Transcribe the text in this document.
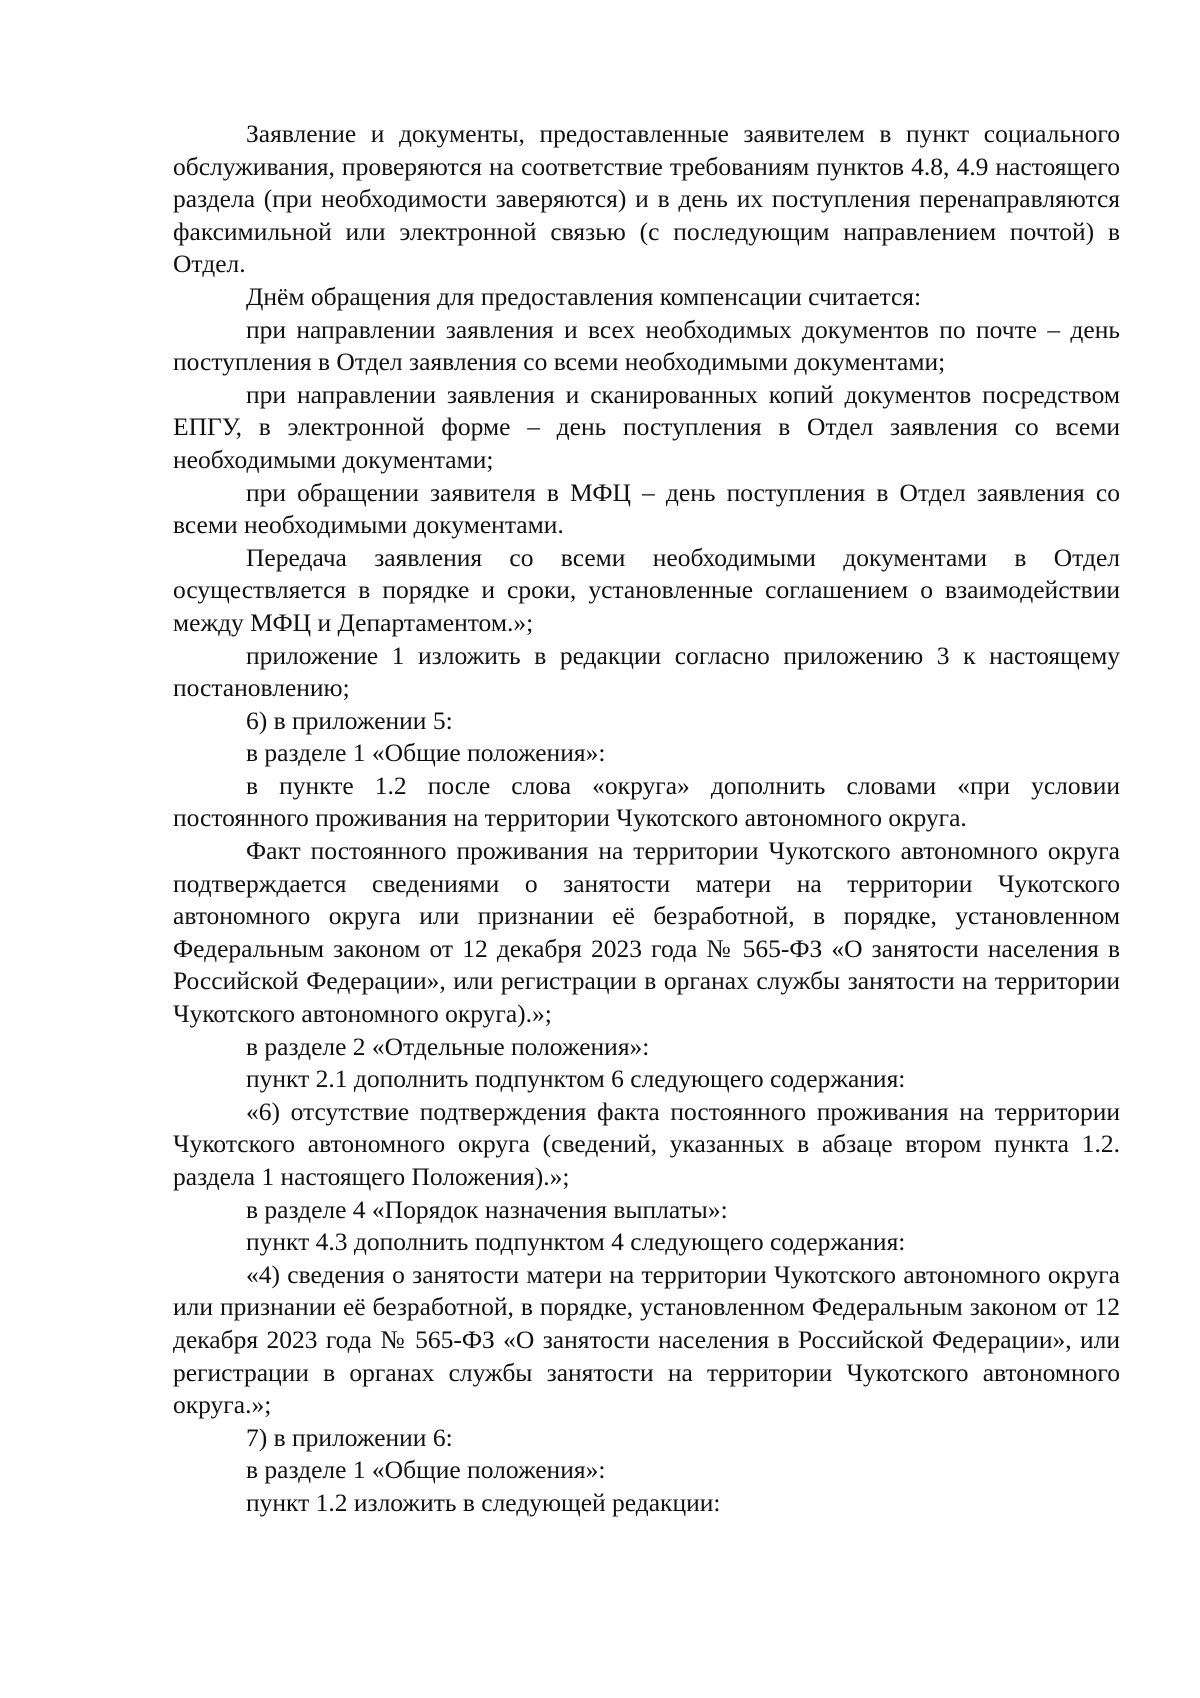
Заявление и документы, предоставленные заявителем в пункт социального обслуживания, проверяются на соответствие требованиям пунктов 4.8, 4.9 настоящего раздела (при необходимости заверяются) и в день их поступления перенаправляются факсимильной или электронной связью (с последующим направлением почтой) в Отдел.

Днём обращения для предоставления компенсации считается:

при направлении заявления и всех необходимых документов по почте – день поступления в Отдел заявления со всеми необходимыми документами;

при направлении заявления и сканированных копий документов посредством ЕПГУ, в электронной форме – день поступления в Отдел заявления со всеми необходимыми документами;

при обращении заявителя в МФЦ – день поступления в Отдел заявления со всеми необходимыми документами.

Передача заявления со всеми необходимыми документами в Отдел осуществляется в порядке и сроки, установленные соглашением о взаимодействии между МФЦ и Департаментом.»;

приложение 1 изложить в редакции согласно приложению 3 к настоящему постановлению;

6) в приложении 5:

в разделе 1 «Общие положения»:

в пункте 1.2 после слова «округа» дополнить словами «при условии постоянного проживания на территории Чукотского автономного округа.

Факт постоянного проживания на территории Чукотского автономного округа подтверждается сведениями о занятости матери на территории Чукотского автономного округа или признании её безработной, в порядке, установленном Федеральным законом от 12 декабря 2023 года № 565-ФЗ «О занятости населения в Российской Федерации», или регистрации в органах службы занятости на территории Чукотского автономного округа).»;

в разделе 2 «Отдельные положения»:

пункт 2.1 дополнить подпунктом 6 следующего содержания:

«6) отсутствие подтверждения факта постоянного проживания на территории Чукотского автономного округа (сведений, указанных в абзаце втором пункта 1.2. раздела 1 настоящего Положения).»;

в разделе 4 «Порядок назначения выплаты»:

пункт 4.3 дополнить подпунктом 4 следующего содержания:

«4) сведения о занятости матери на территории Чукотского автономного округа или признании её безработной, в порядке, установленном Федеральным законом от 12 декабря 2023 года № 565-ФЗ «О занятости населения в Российской Федерации», или регистрации в органах службы занятости на территории Чукотского автономного округа.»;

7) в приложении 6:

в разделе 1 «Общие положения»:

пункт 1.2 изложить в следующей редакции:
